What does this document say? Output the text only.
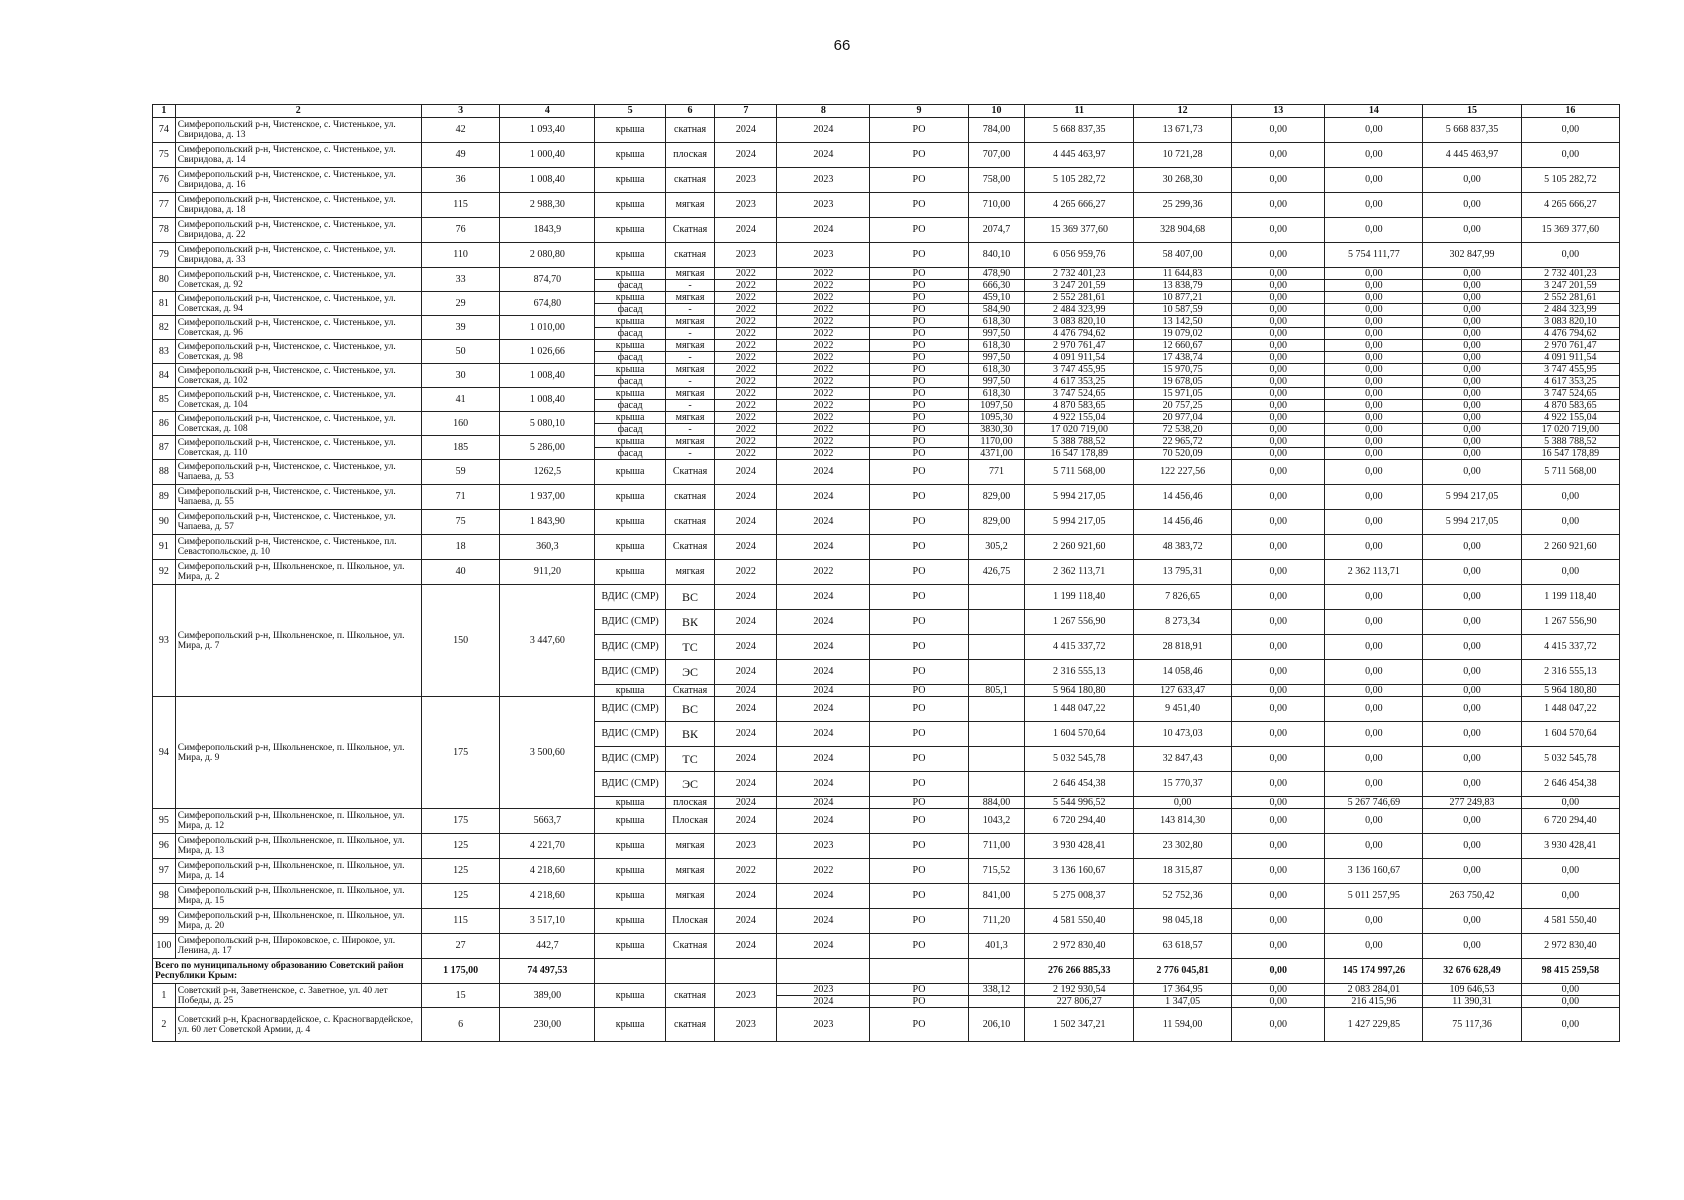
66
1	2	3	4	5	6	7	8	9	10	11	12	13	14	15	16
74	Симферопольский р-н, Чистенское, с. Чистенькое, ул. Свиридова, д. 13	42	1 093,40	крыша	скатная	2024	2024	РО	784,00	5 668 837,35	13 671,73	0,00	0,00	5 668 837,35	0,00
75	Симферопольский р-н, Чистенское, с. Чистенькое, ул. Свиридова, д. 14	49	1 000,40	крыша	плоская	2024	2024	РО	707,00	4 445 463,97	10 721,28	0,00	0,00	4 445 463,97	0,00
76	Симферопольский р-н, Чистенское, с. Чистенькое, ул. Свиридова, д. 16	36	1 008,40	крыша	скатная	2023	2023	РО	758,00	5 105 282,72	30 268,30	0,00	0,00	0,00	5 105 282,72
77	Симферопольский р-н, Чистенское, с. Чистенькое, ул. Свиридова, д. 18	115	2 988,30	крыша	мягкая	2023	2023	РО	710,00	4 265 666,27	25 299,36	0,00	0,00	0,00	4 265 666,27
78	Симферопольский р-н, Чистенское, с. Чистенькое, ул. Свиридова, д. 22	76	1843,9	крыша	Скатная	2024	2024	РО	2074,7	15 369 377,60	328 904,68	0,00	0,00	0,00	15 369 377,60
79	Симферопольский р-н, Чистенское, с. Чистенькое, ул. Свиридова, д. 33	110	2 080,80	крыша	скатная	2023	2023	РО	840,10	6 056 959,76	58 407,00	0,00	5 754 111,77	302 847,99	0,00
80	Симферопольский р-н, Чистенское, с. Чистенькое, ул. Советская, д. 92	33	874,70	крыша	мягкая	2022	2022	РО	478,90	2 732 401,23	11 644,83	0,00	0,00	0,00	2 732 401,23
				фасад	-	2022	2022	РО	666,30	3 247 201,59	13 838,79	0,00	0,00	0,00	3 247 201,59
81	Симферопольский р-н, Чистенское, с. Чистенькое, ул. Советская, д. 94	29	674,80	крыша	мягкая	2022	2022	РО	459,10	2 552 281,61	10 877,21	0,00	0,00	0,00	2 552 281,61
				фасад	-	2022	2022	РО	584,90	2 484 323,99	10 587,59	0,00	0,00	0,00	2 484 323,99
82	Симферопольский р-н, Чистенское, с. Чистенькое, ул. Советская, д. 96	39	1 010,00	крыша	мягкая	2022	2022	РО	618,30	3 083 820,10	13 142,50	0,00	0,00	0,00	3 083 820,10
				фасад	-	2022	2022	РО	997,50	4 476 794,62	19 079,02	0,00	0,00	0,00	4 476 794,62
83	Симферопольский р-н, Чистенское, с. Чистенькое, ул. Советская, д. 98	50	1 026,66	крыша	мягкая	2022	2022	РО	618,30	2 970 761,47	12 660,67	0,00	0,00	0,00	2 970 761,47
				фасад	-	2022	2022	РО	997,50	4 091 911,54	17 438,74	0,00	0,00	0,00	4 091 911,54
84	Симферопольский р-н, Чистенское, с. Чистенькое, ул. Советская, д. 102	30	1 008,40	крыша	мягкая	2022	2022	РО	618,30	3 747 455,95	15 970,75	0,00	0,00	0,00	3 747 455,95
				фасад	-	2022	2022	РО	997,50	4 617 353,25	19 678,05	0,00	0,00	0,00	4 617 353,25
85	Симферопольский р-н, Чистенское, с. Чистенькое, ул. Советская, д. 104	41	1 008,40	крыша	мягкая	2022	2022	РО	618,30	3 747 524,65	15 971,05	0,00	0,00	0,00	3 747 524,65
				фасад	-	2022	2022	РО	1097,50	4 870 583,65	20 757,25	0,00	0,00	0,00	4 870 583,65
86	Симферопольский р-н, Чистенское, с. Чистенькое, ул. Советская, д. 108	160	5 080,10	крыша	мягкая	2022	2022	РО	1095,30	4 922 155,04	20 977,04	0,00	0,00	0,00	4 922 155,04
				фасад	-	2022	2022	РО	3830,30	17 020 719,00	72 538,20	0,00	0,00	0,00	17 020 719,00
87	Симферопольский р-н, Чистенское, с. Чистенькое, ул. Советская, д. 110	185	5 286,00	крыша	мягкая	2022	2022	РО	1170,00	5 388 788,52	22 965,72	0,00	0,00	0,00	5 388 788,52
				фасад	-	2022	2022	РО	4371,00	16 547 178,89	70 520,09	0,00	0,00	0,00	16 547 178,89
88	Симферопольский р-н, Чистенское, с. Чистенькое, ул. Чапаева, д. 53	59	1262,5	крыша	Скатная	2024	2024	РО	771	5 711 568,00	122 227,56	0,00	0,00	0,00	5 711 568,00
89	Симферопольский р-н, Чистенское, с. Чистенькое, ул. Чапаева, д. 55	71	1 937,00	крыша	скатная	2024	2024	РО	829,00	5 994 217,05	14 456,46	0,00	0,00	5 994 217,05	0,00
90	Симферопольский р-н, Чистенское, с. Чистенькое, ул. Чапаева, д. 57	75	1 843,90	крыша	скатная	2024	2024	РО	829,00	5 994 217,05	14 456,46	0,00	0,00	5 994 217,05	0,00
91	Симферопольский р-н, Чистенское, с. Чистенькое, пл. Севастопольское, д. 10	18	360,3	крыша	Скатная	2024	2024	РО	305,2	2 260 921,60	48 383,72	0,00	0,00	0,00	2 260 921,60
92	Симферопольский р-н, Школьненское, п. Школьное, ул. Мира, д. 2	40	911,20	крыша	мягкая	2022	2022	РО	426,75	2 362 113,71	13 795,31	0,00	2 362 113,71	0,00	0,00
93	Симферопольский р-н, Школьненское, п. Школьное, ул. Мира, д. 7	150	3 447,60	ВДИС (СМР)	ВС	2024	2024	РО		1 199 118,40	7 826,65	0,00	0,00	0,00	1 199 118,40
				ВДИС (СМР)	ВК	2024	2024	РО		1 267 556,90	8 273,34	0,00	0,00	0,00	1 267 556,90
				ВДИС (СМР)	ТС	2024	2024	РО		4 415 337,72	28 818,91	0,00	0,00	0,00	4 415 337,72
				ВДИС (СМР)	ЭС	2024	2024	РО		2 316 555,13	14 058,46	0,00	0,00	0,00	2 316 555,13
				крыша	Скатная	2024	2024	РО	805,1	5 964 180,80	127 633,47	0,00	0,00	0,00	5 964 180,80
94	Симферопольский р-н, Школьненское, п. Школьное, ул. Мира, д. 9	175	3 500,60	ВДИС (СМР)	ВС	2024	2024	РО		1 448 047,22	9 451,40	0,00	0,00	0,00	1 448 047,22
				ВДИС (СМР)	ВК	2024	2024	РО		1 604 570,64	10 473,03	0,00	0,00	0,00	1 604 570,64
				ВДИС (СМР)	ТС	2024	2024	РО		5 032 545,78	32 847,43	0,00	0,00	0,00	5 032 545,78
				ВДИС (СМР)	ЭС	2024	2024	РО		2 646 454,38	15 770,37	0,00	0,00	0,00	2 646 454,38
				крыша	плоская	2024	2024	РО	884,00	5 544 996,52	0,00	0,00	5 267 746,69	277 249,83	0,00
95	Симферопольский р-н, Школьненское, п. Школьное, ул. Мира, д. 12	175	5663,7	крыша	Плоская	2024	2024	РО	1043,2	6 720 294,40	143 814,30	0,00	0,00	0,00	6 720 294,40
96	Симферопольский р-н, Школьненское, п. Школьное, ул. Мира, д. 13	125	4 221,70	крыша	мягкая	2023	2023	РО	711,00	3 930 428,41	23 302,80	0,00	0,00	0,00	3 930 428,41
97	Симферопольский р-н, Школьненское, п. Школьное, ул. Мира, д. 14	125	4 218,60	крыша	мягкая	2022	2022	РО	715,52	3 136 160,67	18 315,87	0,00	3 136 160,67	0,00	0,00
98	Симферопольский р-н, Школьненское, п. Школьное, ул. Мира, д. 15	125	4 218,60	крыша	мягкая	2024	2024	РО	841,00	5 275 008,37	52 752,36	0,00	5 011 257,95	263 750,42	0,00
99	Симферопольский р-н, Школьненское, п. Школьное, ул. Мира, д. 20	115	3 517,10	крыша	Плоская	2024	2024	РО	711,20	4 581 550,40	98 045,18	0,00	0,00	0,00	4 581 550,40
100	Симферопольский р-н, Широковское, с. Широкое, ул. Ленина, д. 17	27	442,7	крыша	Скатная	2024	2024	РО	401,3	2 972 830,40	63 618,57	0,00	0,00	0,00	2 972 830,40
Всего по муниципальному образованию Советский район Республики Крым:		1 175,00	74 497,53							276 266 885,33	2 776 045,81	0,00	145 174 997,26	32 676 628,49	98 415 259,58
1	Советский р-н, Заветненское, с. Заветное, ул. 40 лет Победы, д. 25	15	389,00	крыша	скатная	2023	2023	РО	338,12	2 192 930,54	17 364,95	0,00	2 083 284,01	109 646,53	0,00
							2024	РО		227 806,27	1 347,05	0,00	216 415,96	11 390,31	0,00
2	Советский р-н, Красногвардейское, с. Красногвардейское, ул. 60 лет Советской Армии, д. 4	6	230,00	крыша	скатная	2023	2023	РО	206,10	1 502 347,21	11 594,00	0,00	1 427 229,85	75 117,36	0,00
